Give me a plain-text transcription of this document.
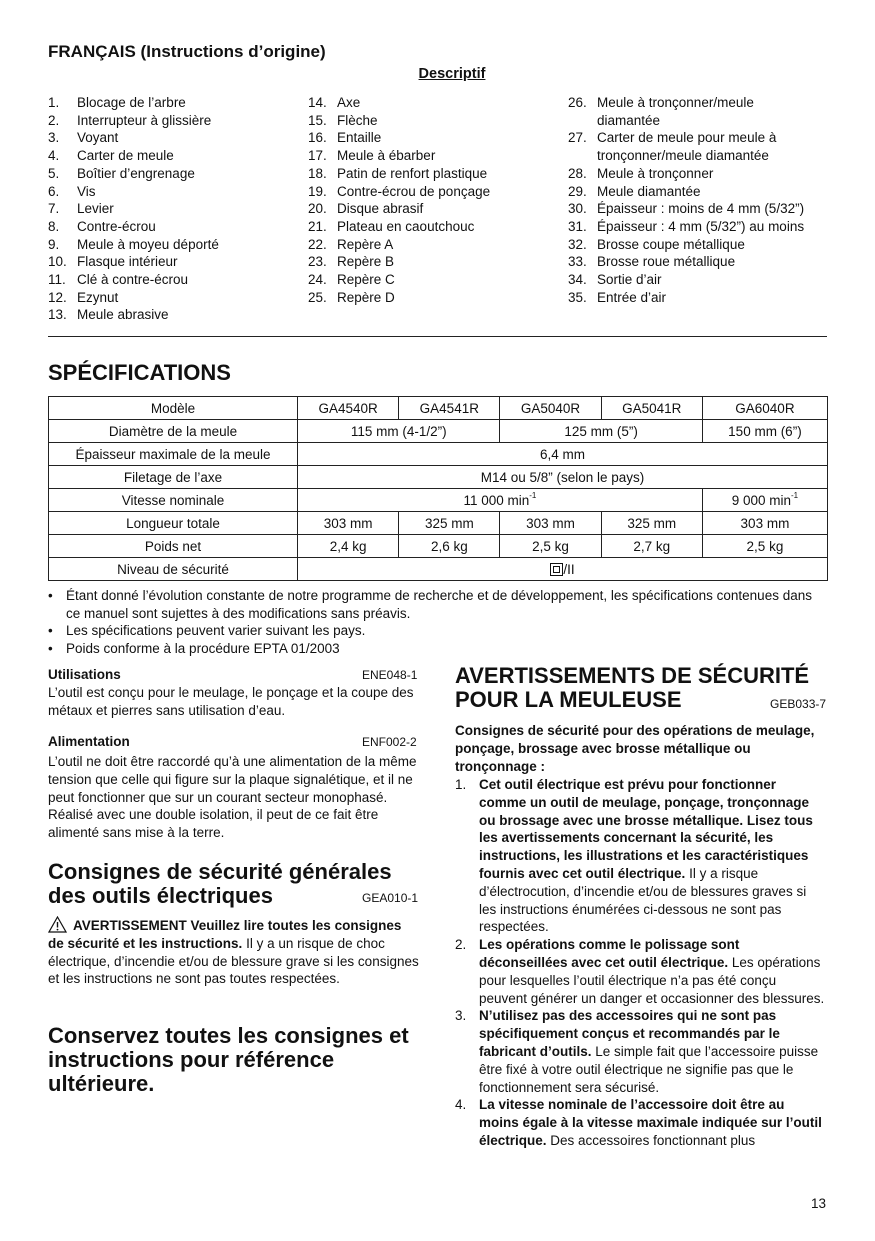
FRANÇAIS (Instructions d’origine)
Descriptif
1.	Blocage de l’arbre
2.	Interrupteur à glissière
3.	Voyant
4.	Carter de meule
5.	Boîtier d’engrenage
6.	Vis
7.	Levier
8.	Contre-écrou
9.	Meule à moyeu déporté
10. Flasque intérieur
11. Clé à contre-écrou
12. Ezynut
13. Meule abrasive
14. Axe
15. Flèche
16. Entaille
17. Meule à ébarber
18. Patin de renfort plastique
19. Contre-écrou de ponçage
20. Disque abrasif
21. Plateau en caoutchouc
22. Repère A
23. Repère B
24. Repère C
25. Repère D
26. Meule à tronçonner/meule
diamantée
27. Carter de meule pour meule à
tronçonner/meule diamantée
28. Meule à tronçonner
29. Meule diamantée
30. Épaisseur : moins de 4 mm (5/32”)
31. Épaisseur : 4 mm (5/32”) au moins
32. Brosse coupe métallique
33. Brosse roue métallique
34. Sortie d’air
35. Entrée d’air
SPÉCIFICATIONS
Modèle	GA4540R	GA4541R	GA5040R	GA5041R	GA6040R
Diamètre de la meule	115 mm (4-1/2”)		125 mm (5”)		150 mm (6”)
Épaisseur maximale de la meule	6,4 mm				
Filetage de l’axe	M14 ou 5/8” (selon le pays)				
Vitesse nominale	11 000 $\min^{-1}$				9 000 $\min^{-1}$
Longueur totale	303 mm	325 mm	303 mm	325 mm	303 mm
Poids net	2,4 kg	2,6 kg	2,5 kg	2,7 kg	2,5 kg
Niveau de sécurité	/II				
• Étant donné l’évolution constante de notre programme de recherche et de développement, les spécifications contenues dans ce manuel sont sujettes à des modifications sans préavis.
• Les spécifications peuvent varier suivant les pays.
• Poids conforme à la procédure EPTA 01/2003
Utilisations	ENE048-1
L’outil est conçu pour le meulage, le ponçage et la coupe des métaux et pierres sans utilisation d’eau.
Alimentation	ENF002-2
L’outil ne doit être raccordé qu’à une alimentation de la même tension que celle qui figure sur la plaque signalétique, et il ne peut fonctionner que sur un courant secteur monophasé. Réalisé avec une double isolation, il peut de ce fait être alimenté sans mise à la terre.
Consignes de sécurité générales
des outils électriques	GEA010-1
AVERTISSEMENT Veuillez lire toutes les consignes de sécurité et les instructions. Il y a un risque de choc électrique, d’incendie et/ou de blessure grave si les consignes et les instructions ne sont pas toutes respectées.
Conservez toutes les consignes et instructions pour référence ultérieure.
AVERTISSEMENTS DE SÉCURITÉ
POUR LA MEULEUSE	GEB033-7
Consignes de sécurité pour des opérations de meulage, ponçage, brossage avec brosse métallique ou tronçonnage :
1. Cet outil électrique est prévu pour fonctionner comme un outil de meulage, ponçage, tronçonnage ou brossage avec une brosse métallique. Lisez tous les avertissements concernant la sécurité, les instructions, les illustrations et les caractéristiques fournis avec cet outil électrique. Il y a risque d’électrocution, d’incendie et/ou de blessures graves si les instructions énumérées ci-dessous ne sont pas respectées.
2. Les opérations comme le polissage sont déconseillées avec cet outil électrique. Les opérations pour lesquelles l’outil électrique n’a pas été conçu peuvent générer un danger et occasionner des blessures.
3. N’utilisez pas des accessoires qui ne sont pas spécifiquement conçus et recommandés par le fabricant d’outils. Le simple fait que l’accessoire puisse être fixé à votre outil électrique ne signifie pas que le fonctionnement sera sécurisé.
4. La vitesse nominale de l’accessoire doit être au moins égale à la vitesse maximale indiquée sur l’outil électrique. Des accessoires fonctionnant plus
13
